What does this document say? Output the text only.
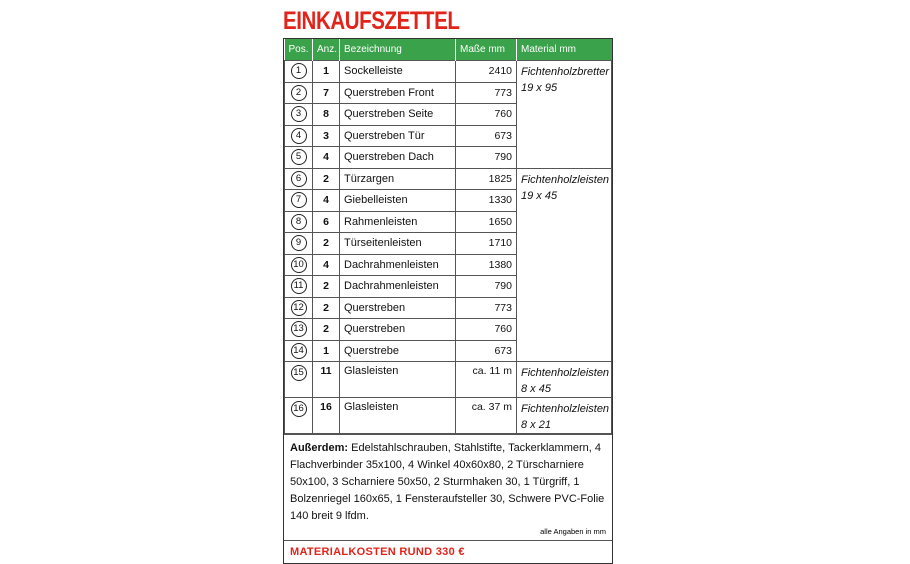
EINKAUFSZETTEL
Pos.	Anz.	Bezeichnung	Maße mm	Material mm
1	1	Sockelleiste	2410	Fichtenholzbretter
19 x 95

2	7	Querstreben Front	773	
3	8	Querstreben Seite	760	
4	3	Querstreben Tür	673	
5	4	Querstreben Dach	790	
6	2	Türzargen	1825	Fichtenholzleisten
19 x 45

7	4	Giebelleisten	1330	
8	6	Rahmenleisten	1650	
9	2	Türseitenleisten	1710	
10	4	Dachrahmenleisten	1380	
11	2	Dachrahmenleisten	790	
12	2	Querstreben	773	
13	2	Querstreben	760	
14	1	Querstrebe	673	
15	11	Glasleisten	ca. 11 m	Fichtenholzleisten
8 x 45

16	16	Glasleisten	ca. 37 m	Fichtenholzleisten
8 x 21
Außerdem: Edelstahlschrauben, Stahlstifte, Tackerklammern, 4 Flachverbinder 35x100, 4 Winkel 40x60x80, 2 Türscharniere 50x100, 3 Scharniere 50x50, 2 Sturmhaken 30, 1 Türgriff, 1 Bolzenriegel 160x65, 1 Fensteraufsteller 30, Schwere PVC-Folie 140 breit 9 lfdm.
alle Angaben in mm
MATERIALKOSTEN RUND 330 €
